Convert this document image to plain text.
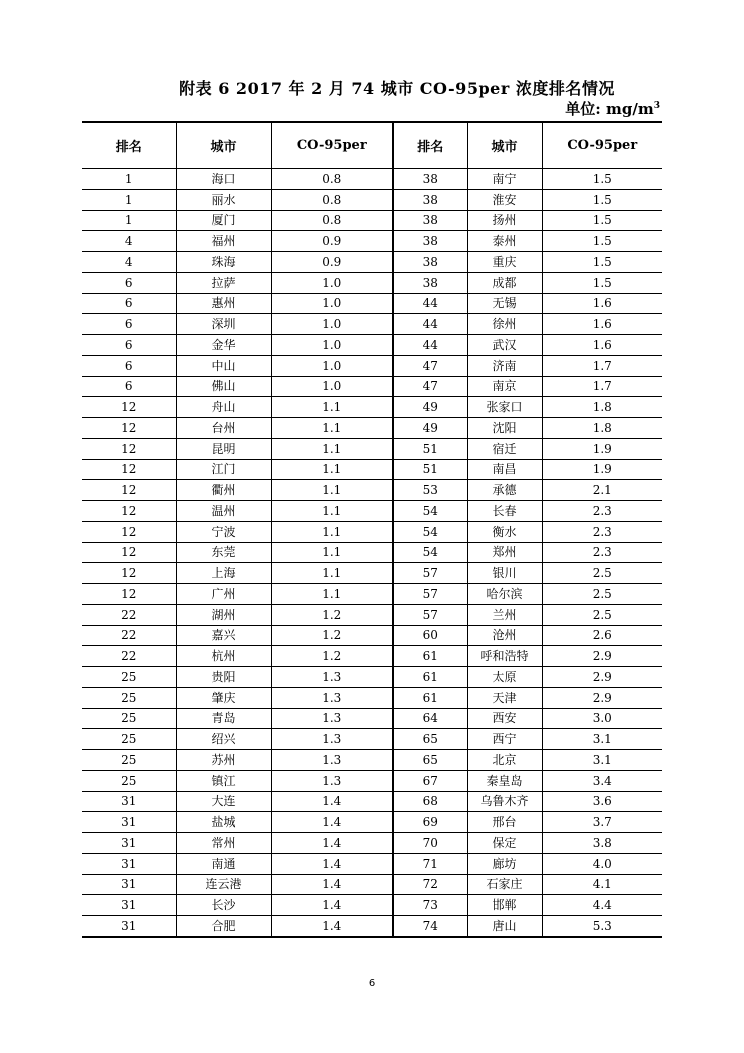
附表 6 2017 年 2 月 74 城市 CO-95per 浓度排名情况
单位: $mg/m^3$
排名	城市	CO-95per	排名	城市	CO-95per
1	海口	0.8	38	南宁	1.5
1	丽水	0.8	38	淮安	1.5
1	厦门	0.8	38	扬州	1.5
4	福州	0.9	38	泰州	1.5
4	珠海	0.9	38	重庆	1.5
6	拉萨	1.0	38	成都	1.5
6	惠州	1.0	44	无锡	1.6
6	深圳	1.0	44	徐州	1.6
6	金华	1.0	44	武汉	1.6
6	中山	1.0	47	济南	1.7
6	佛山	1.0	47	南京	1.7
12	舟山	1.1	49	张家口	1.8
12	台州	1.1	49	沈阳	1.8
12	昆明	1.1	51	宿迁	1.9
12	江门	1.1	51	南昌	1.9
12	衢州	1.1	53	承德	2.1
12	温州	1.1	54	长春	2.3
12	宁波	1.1	54	衡水	2.3
12	东莞	1.1	54	郑州	2.3
12	上海	1.1	57	银川	2.5
12	广州	1.1	57	哈尔滨	2.5
22	湖州	1.2	57	兰州	2.5
22	嘉兴	1.2	60	沧州	2.6
22	杭州	1.2	61	呼和浩特	2.9
25	贵阳	1.3	61	太原	2.9
25	肇庆	1.3	61	天津	2.9
25	青岛	1.3	64	西安	3.0
25	绍兴	1.3	65	西宁	3.1
25	苏州	1.3	65	北京	3.1
25	镇江	1.3	67	秦皇岛	3.4
31	大连	1.4	68	乌鲁木齐	3.6
31	盐城	1.4	69	邢台	3.7
31	常州	1.4	70	保定	3.8
31	南通	1.4	71	廊坊	4.0
31	连云港	1.4	72	石家庄	4.1
31	长沙	1.4	73	邯郸	4.4
31	合肥	1.4	74	唐山	5.3
6
